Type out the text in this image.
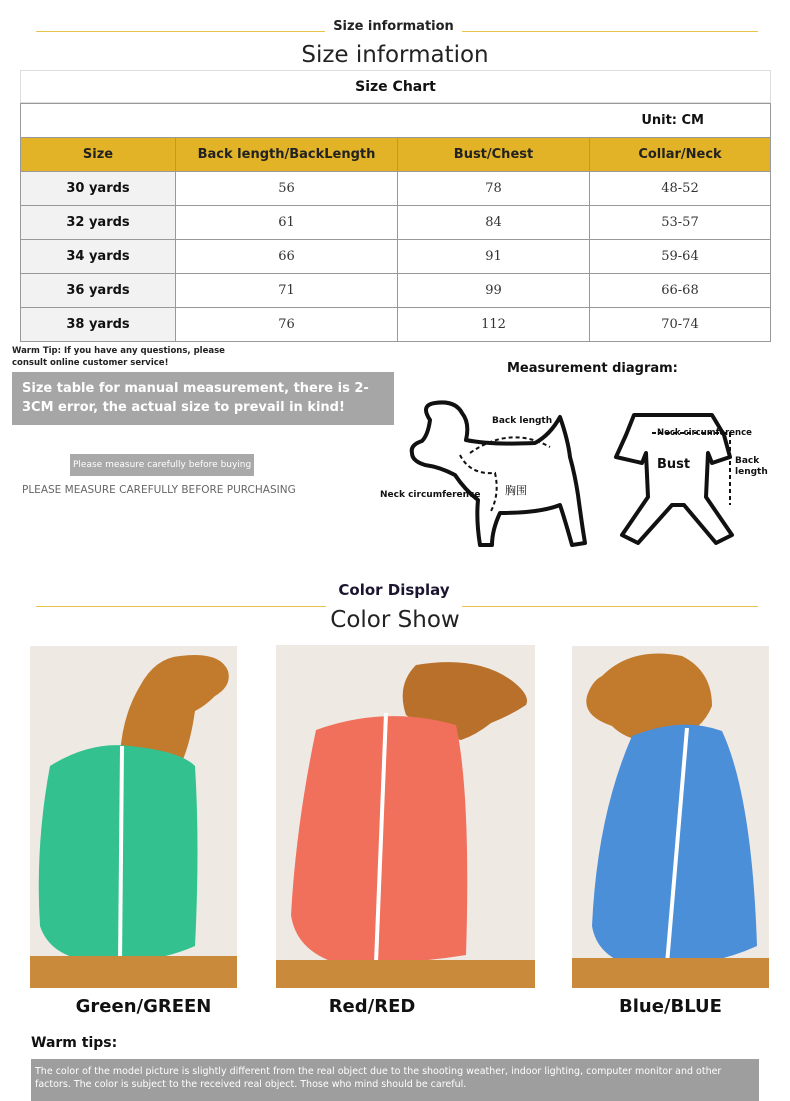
Size information
Size information
Size Chart
Unit: CM			
Size	Back length/BackLength	Bust/Chest	Collar/Neck
30 yards	56	78	48-52
32 yards	61	84	53-57
34 yards	66	91	59-64
36 yards	71	99	66-68
38 yards	76	112	70-74
Warm Tip: If you have any questions, please consult online customer service!
Size table for manual measurement, there is 2-3CM error, the actual size to prevail in kind!
Please measure carefully before buying
PLEASE MEASURE CAREFULLY BEFORE PURCHASING
Measurement diagram:
Back length
Neck circumference 胸围
Neck circumference
Bust	Back length
Color Display
Color Show
Green/GREEN	Red/RED	Blue/BLUE
Warm tips:
The color of the model picture is slightly different from the real object due to the shooting weather, indoor lighting, computer monitor and other factors. The color is subject to the received real object. Those who mind should be careful.
